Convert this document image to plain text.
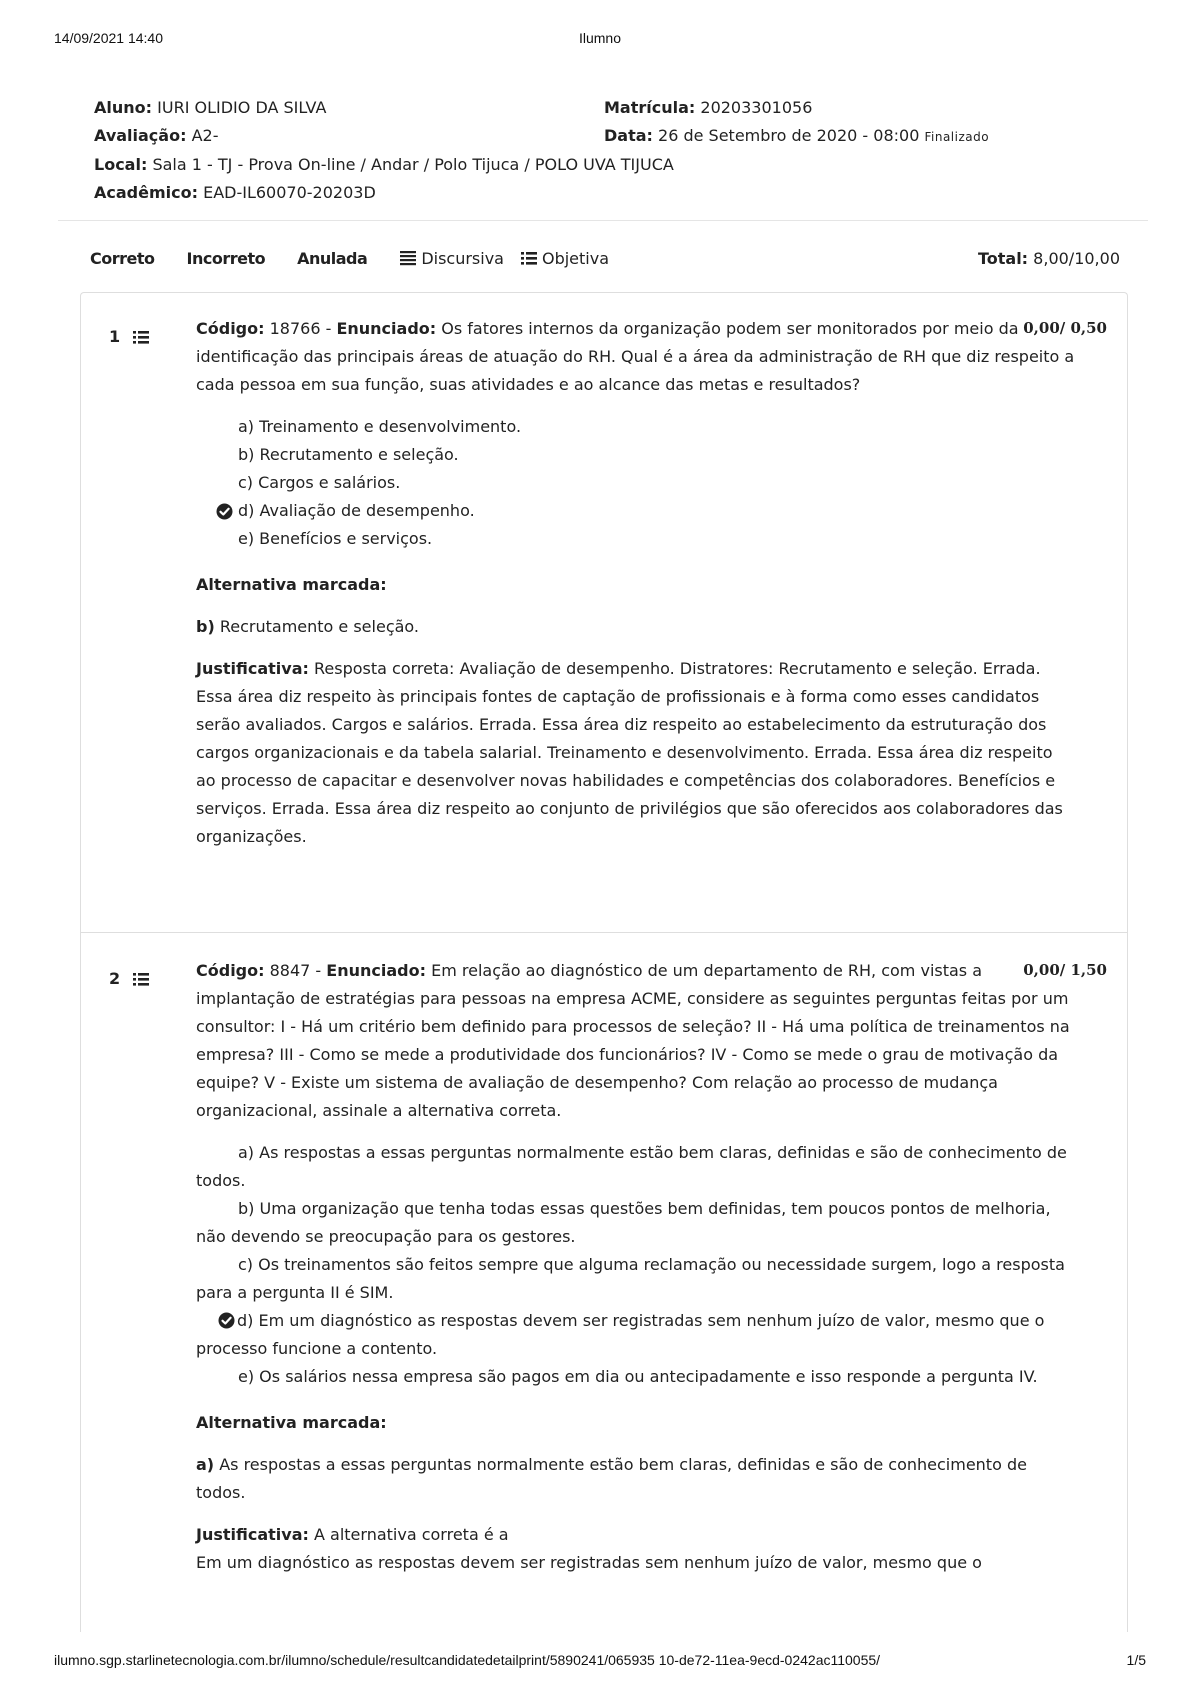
14/09/2021 14:40	Ilumno
Aluno: IURI OLIDIO DA SILVA	Matrícula: 20203301056
Avaliação: A2-	Data: 26 de Setembro de 2020 - 08:00 Finalizado
Local: Sala 1 - TJ - Prova On-line / Andar / Polo Tijuca / POLO UVA TIJUCA
Acadêmico: EAD-IL60070-20203D
Correto Incorreto Anulada	Discursiva Objetiva	Total: 8,00/10,00
1	0,00/ 0,50
Código: 18766 - Enunciado: Os fatores internos da organização podem ser monitorados por meio da identificação das principais áreas de atuação do RH. Qual é a área da administração de RH que diz respeito a cada pessoa em sua função, suas atividades e ao alcance das metas e resultados?
a) Treinamento e desenvolvimento.
b) Recrutamento e seleção.
c) Cargos e salários.
d) Avaliação de desempenho.
e) Benefícios e serviços.
Alternativa marcada:
b) Recrutamento e seleção.
Justificativa: Resposta correta: Avaliação de desempenho. Distratores: Recrutamento e seleção. Errada. Essa área diz respeito às principais fontes de captação de profissionais e à forma como esses candidatos serão avaliados. Cargos e salários. Errada. Essa área diz respeito ao estabelecimento da estruturação dos cargos organizacionais e da tabela salarial. Treinamento e desenvolvimento. Errada. Essa área diz respeito ao processo de capacitar e desenvolver novas habilidades e competências dos colaboradores. Benefícios e serviços. Errada. Essa área diz respeito ao conjunto de privilégios que são oferecidos aos colaboradores das organizações.
2	0,00/ 1,50
Código: 8847 - Enunciado: Em relação ao diagnóstico de um departamento de RH, com vistas a implantação de estratégias para pessoas na empresa ACME, considere as seguintes perguntas feitas por um consultor: I - Há um critério bem definido para processos de seleção? II - Há uma política de treinamentos na empresa? III - Como se mede a produtividade dos funcionários? IV - Como se mede o grau de motivação da equipe? V - Existe um sistema de avaliação de desempenho? Com relação ao processo de mudança organizacional, assinale a alternativa correta.
a) As respostas a essas perguntas normalmente estão bem claras, definidas e são de conhecimento de todos.
b) Uma organização que tenha todas essas questões bem definidas, tem poucos pontos de melhoria, não devendo se preocupação para os gestores.
c) Os treinamentos são feitos sempre que alguma reclamação ou necessidade surgem, logo a resposta para a pergunta II é SIM.
d) Em um diagnóstico as respostas devem ser registradas sem nenhum juízo de valor, mesmo que o processo funcione a contento.
e) Os salários nessa empresa são pagos em dia ou antecipadamente e isso responde a pergunta IV.
Alternativa marcada:
a) As respostas a essas perguntas normalmente estão bem claras, definidas e são de conhecimento de todos.
Justificativa: A alternativa correta é a
Em um diagnóstico as respostas devem ser registradas sem nenhum juízo de valor, mesmo que o
ilumno.sgp.starlinetecnologia.com.br/ilumno/schedule/resultcandidatedetailprint/5890241/065935 10-de72-11ea-9ecd-0242ac110055/	1/5
